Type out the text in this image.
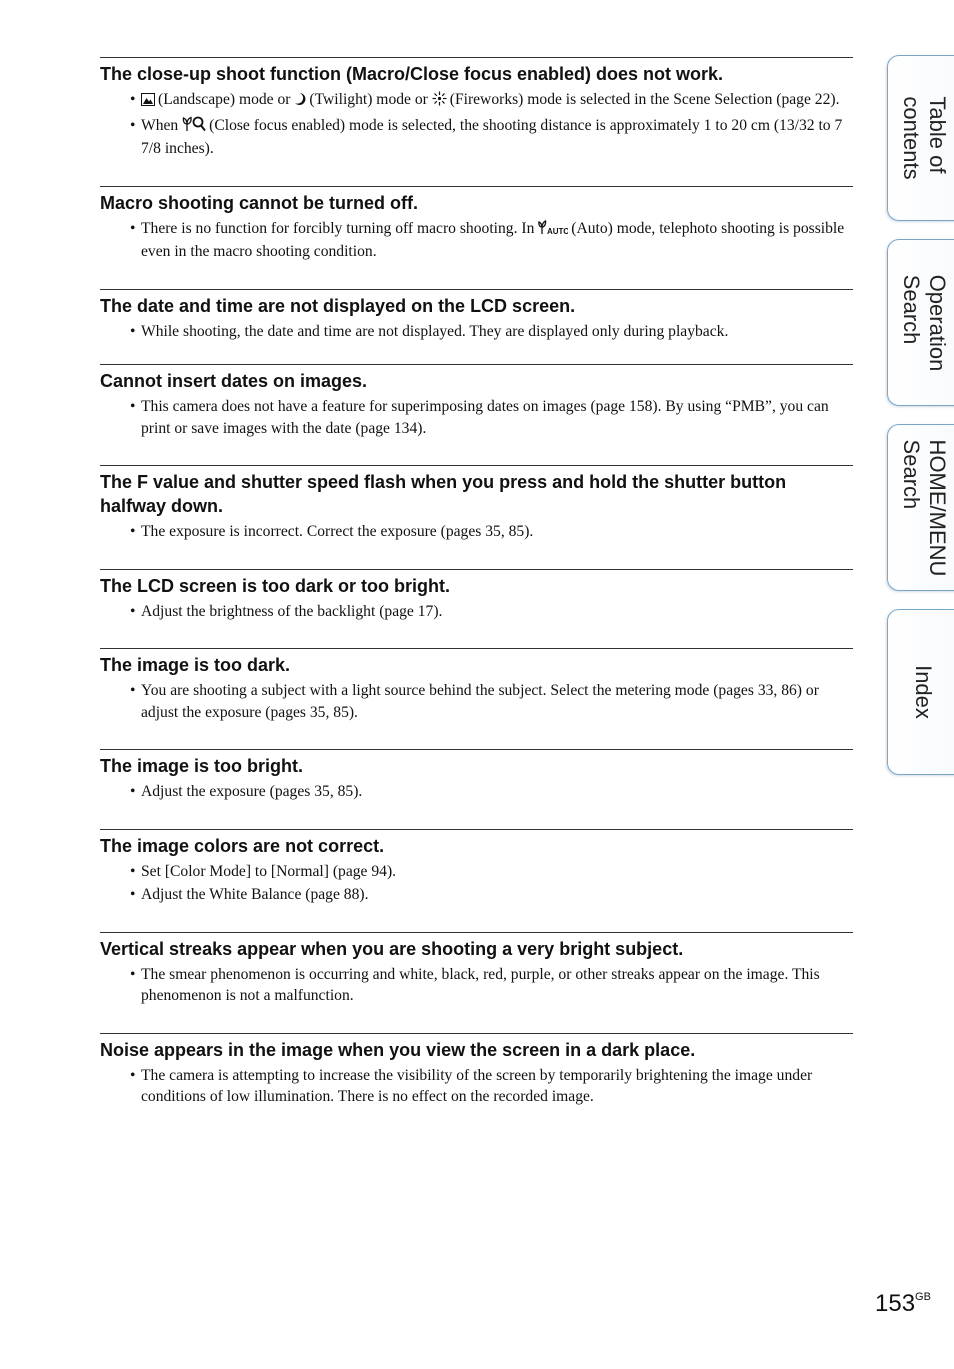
The close-up shoot function (Macro/Close focus enabled) does not work.
• (Landscape) mode or (Twilight) mode or (Fireworks) mode is selected in the Scene Selection (page 22).
• When (Close focus enabled) mode is selected, the shooting distance is approximately 1 to 20 cm (13/32 to 7 7/8 inches).
Macro shooting cannot be turned off.
• There is no function for forcibly turning off macro shooting. In AUTO (Auto) mode, telephoto shooting is possible even in the macro shooting condition.
The date and time are not displayed on the LCD screen.
• While shooting, the date and time are not displayed. They are displayed only during playback.
Cannot insert dates on images.
• This camera does not have a feature for superimposing dates on images (page 158). By using “PMB”, you can print or save images with the date (page 134).
The F value and shutter speed flash when you press and hold the shutter button halfway down.
• The exposure is incorrect. Correct the exposure (pages 35, 85).
The LCD screen is too dark or too bright.
• Adjust the brightness of the backlight (page 17).
The image is too dark.
• You are shooting a subject with a light source behind the subject. Select the metering mode (pages 33, 86) or adjust the exposure (pages 35, 85).
The image is too bright.
• Adjust the exposure (pages 35, 85).
The image colors are not correct.
• Set [Color Mode] to [Normal] (page 94).
• Adjust the White Balance (page 88).
Vertical streaks appear when you are shooting a very bright subject.
• The smear phenomenon is occurring and white, black, red, purple, or other streaks appear on the image. This phenomenon is not a malfunction.
Noise appears in the image when you view the screen in a dark place.
• The camera is attempting to increase the visibility of the screen by temporarily brightening the image under conditions of low illumination. There is no effect on the recorded image.
Table of
contents
Operation
Search
HOME/MENU
Search
Index
$153^{GB}$
